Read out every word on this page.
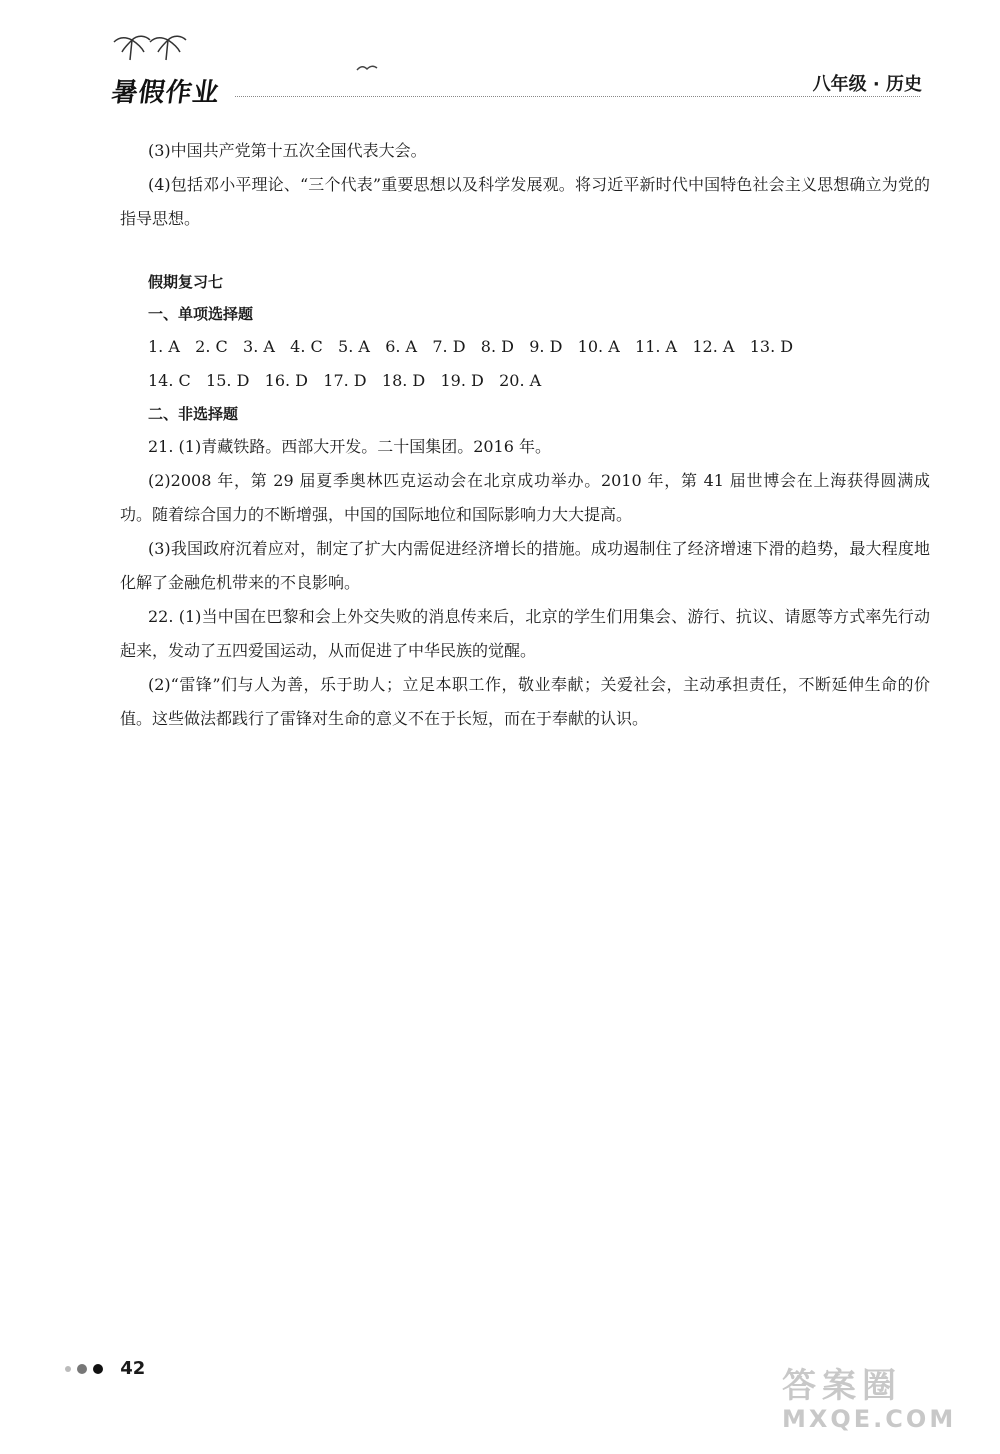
暑假作业	八年级 · 历史

(3)中国共产党第十五次全国代表大会。

(4)包括邓小平理论、“三个代表”重要思想以及科学发展观。将习近平新时代中国特色社会主义思想确立为党的指导思想。

假期复习七

一、单项选择题

1. A   2. C   3. A   4. C   5. A   6. A   7. D   8. D   9. D   10. A   11. A   12. A   13. D

14. C   15. D   16. D   17. D   18. D   19. D   20. A

二、非选择题

21. (1)青藏铁路。西部大开发。二十国集团。2016 年。

(2)2008 年，第 29 届夏季奥林匹克运动会在北京成功举办。2010 年，第 41 届世博会在上海获得圆满成功。随着综合国力的不断增强，中国的国际地位和国际影响力大大提高。

(3)我国政府沉着应对，制定了扩大内需促进经济增长的措施。成功遏制住了经济增速下滑的趋势，最大程度地化解了金融危机带来的不良影响。

22. (1)当中国在巴黎和会上外交失败的消息传来后，北京的学生们用集会、游行、抗议、请愿等方式率先行动起来，发动了五四爱国运动，从而促进了中华民族的觉醒。

(2)“雷锋”们与人为善，乐于助人；立足本职工作，敬业奉献；关爱社会，主动承担责任，不断延伸生命的价值。这些做法都践行了雷锋对生命的意义不在于长短，而在于奉献的认识。

42	答案圈
MXQE.COM
